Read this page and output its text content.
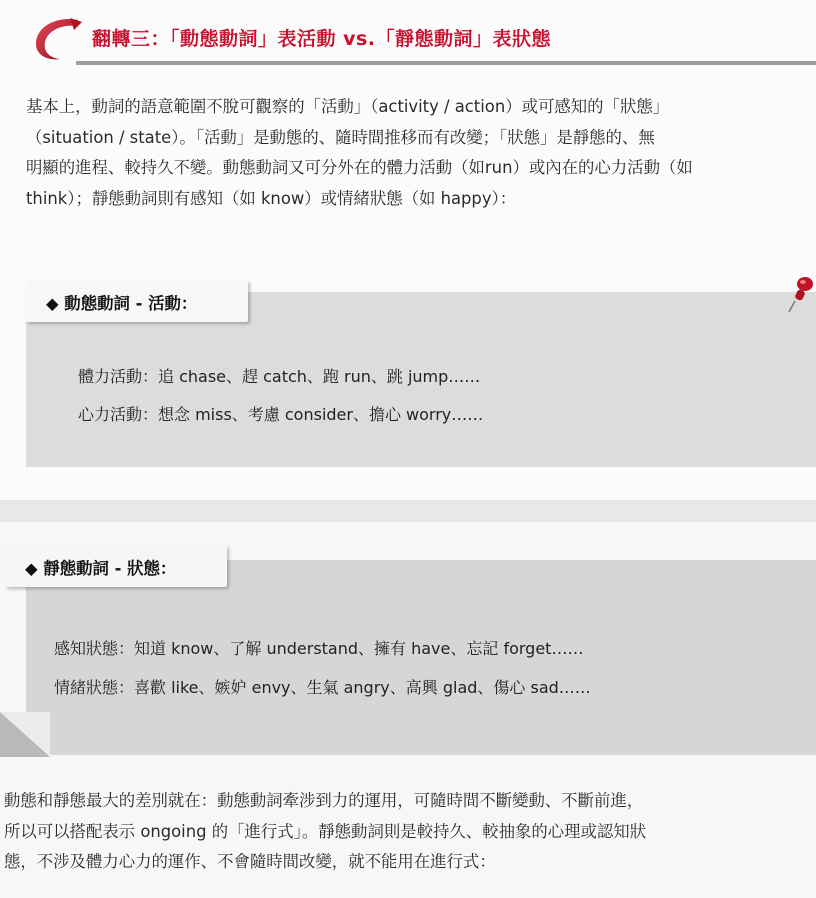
翻轉三：「動態動詞」表活動 vs.「靜態動詞」表狀態
基本上，動詞的語意範圍不脫可觀察的「活動」（activity / action）或可感知的「狀態」
（situation / state）。「活動」是動態的、隨時間推移而有改變；「狀態」是靜態的、無
明顯的進程、較持久不變。動態動詞又可分外在的體力活動（如run）或內在的心力活動（如
think）；靜態動詞則有感知（如 know）或情緒狀態（如 happy）：
體力活動：追 chase、趕 catch、跑 run、跳 jump……
心力活動：想念 miss、考慮 consider、擔心 worry……
◆ 動態動詞 - 活動：
感知狀態：知道 know、了解 understand、擁有 have、忘記 forget……
情緒狀態：喜歡 like、嫉妒 envy、生氣 angry、高興 glad、傷心 sad……
◆ 靜態動詞 - 狀態：
動態和靜態最大的差別就在：動態動詞牽涉到力的運用，可隨時間不斷變動、不斷前進，
所以可以搭配表示 ongoing 的「進行式」。靜態動詞則是較持久、較抽象的心理或認知狀
態，不涉及體力心力的運作、不會隨時間改變，就不能用在進行式：
